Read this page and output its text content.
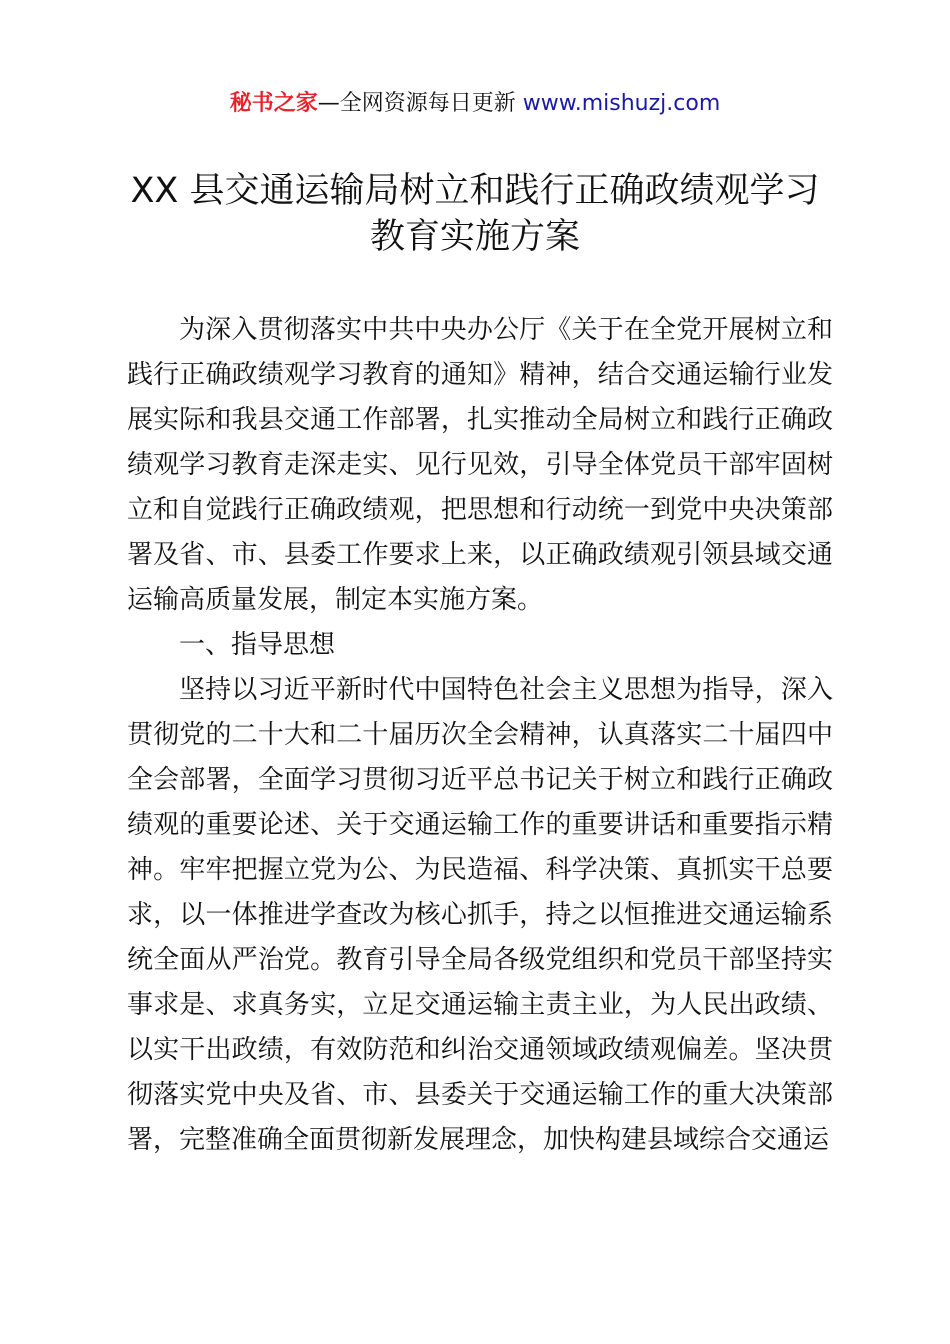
秘书之家—全网资源每日更新 www.mishuzj.com
XX 县交通运输局树立和践行正确政绩观学习
教育实施方案

为深入贯彻落实中共中央办公厅《关于在全党开展树立和践行正确政绩观学习教育的通知》精神，结合交通运输行业发展实际和我县交通工作部署，扎实推动全局树立和践行正确政绩观学习教育走深走实、见行见效，引导全体党员干部牢固树立和自觉践行正确政绩观，把思想和行动统一到党中央决策部署及省、市、县委工作要求上来，以正确政绩观引领县域交通运输高质量发展，制定本实施方案。

一、指导思想

坚持以习近平新时代中国特色社会主义思想为指导，深入贯彻党的二十大和二十届历次全会精神，认真落实二十届四中全会部署，全面学习贯彻习近平总书记关于树立和践行正确政绩观的重要论述、关于交通运输工作的重要讲话和重要指示精神。牢牢把握立党为公、为民造福、科学决策、真抓实干总要求，以一体推进学查改为核心抓手，持之以恒推进交通运输系统全面从严治党。教育引导全局各级党组织和党员干部坚持实事求是、求真务实，立足交通运输主责主业，为人民出政绩、以实干出政绩，有效防范和纠治交通领域政绩观偏差。坚决贯彻落实党中央及省、市、县委关于交通运输工作的重大决策部署，完整准确全面贯彻新发展理念，加快构建县域综合交通运
